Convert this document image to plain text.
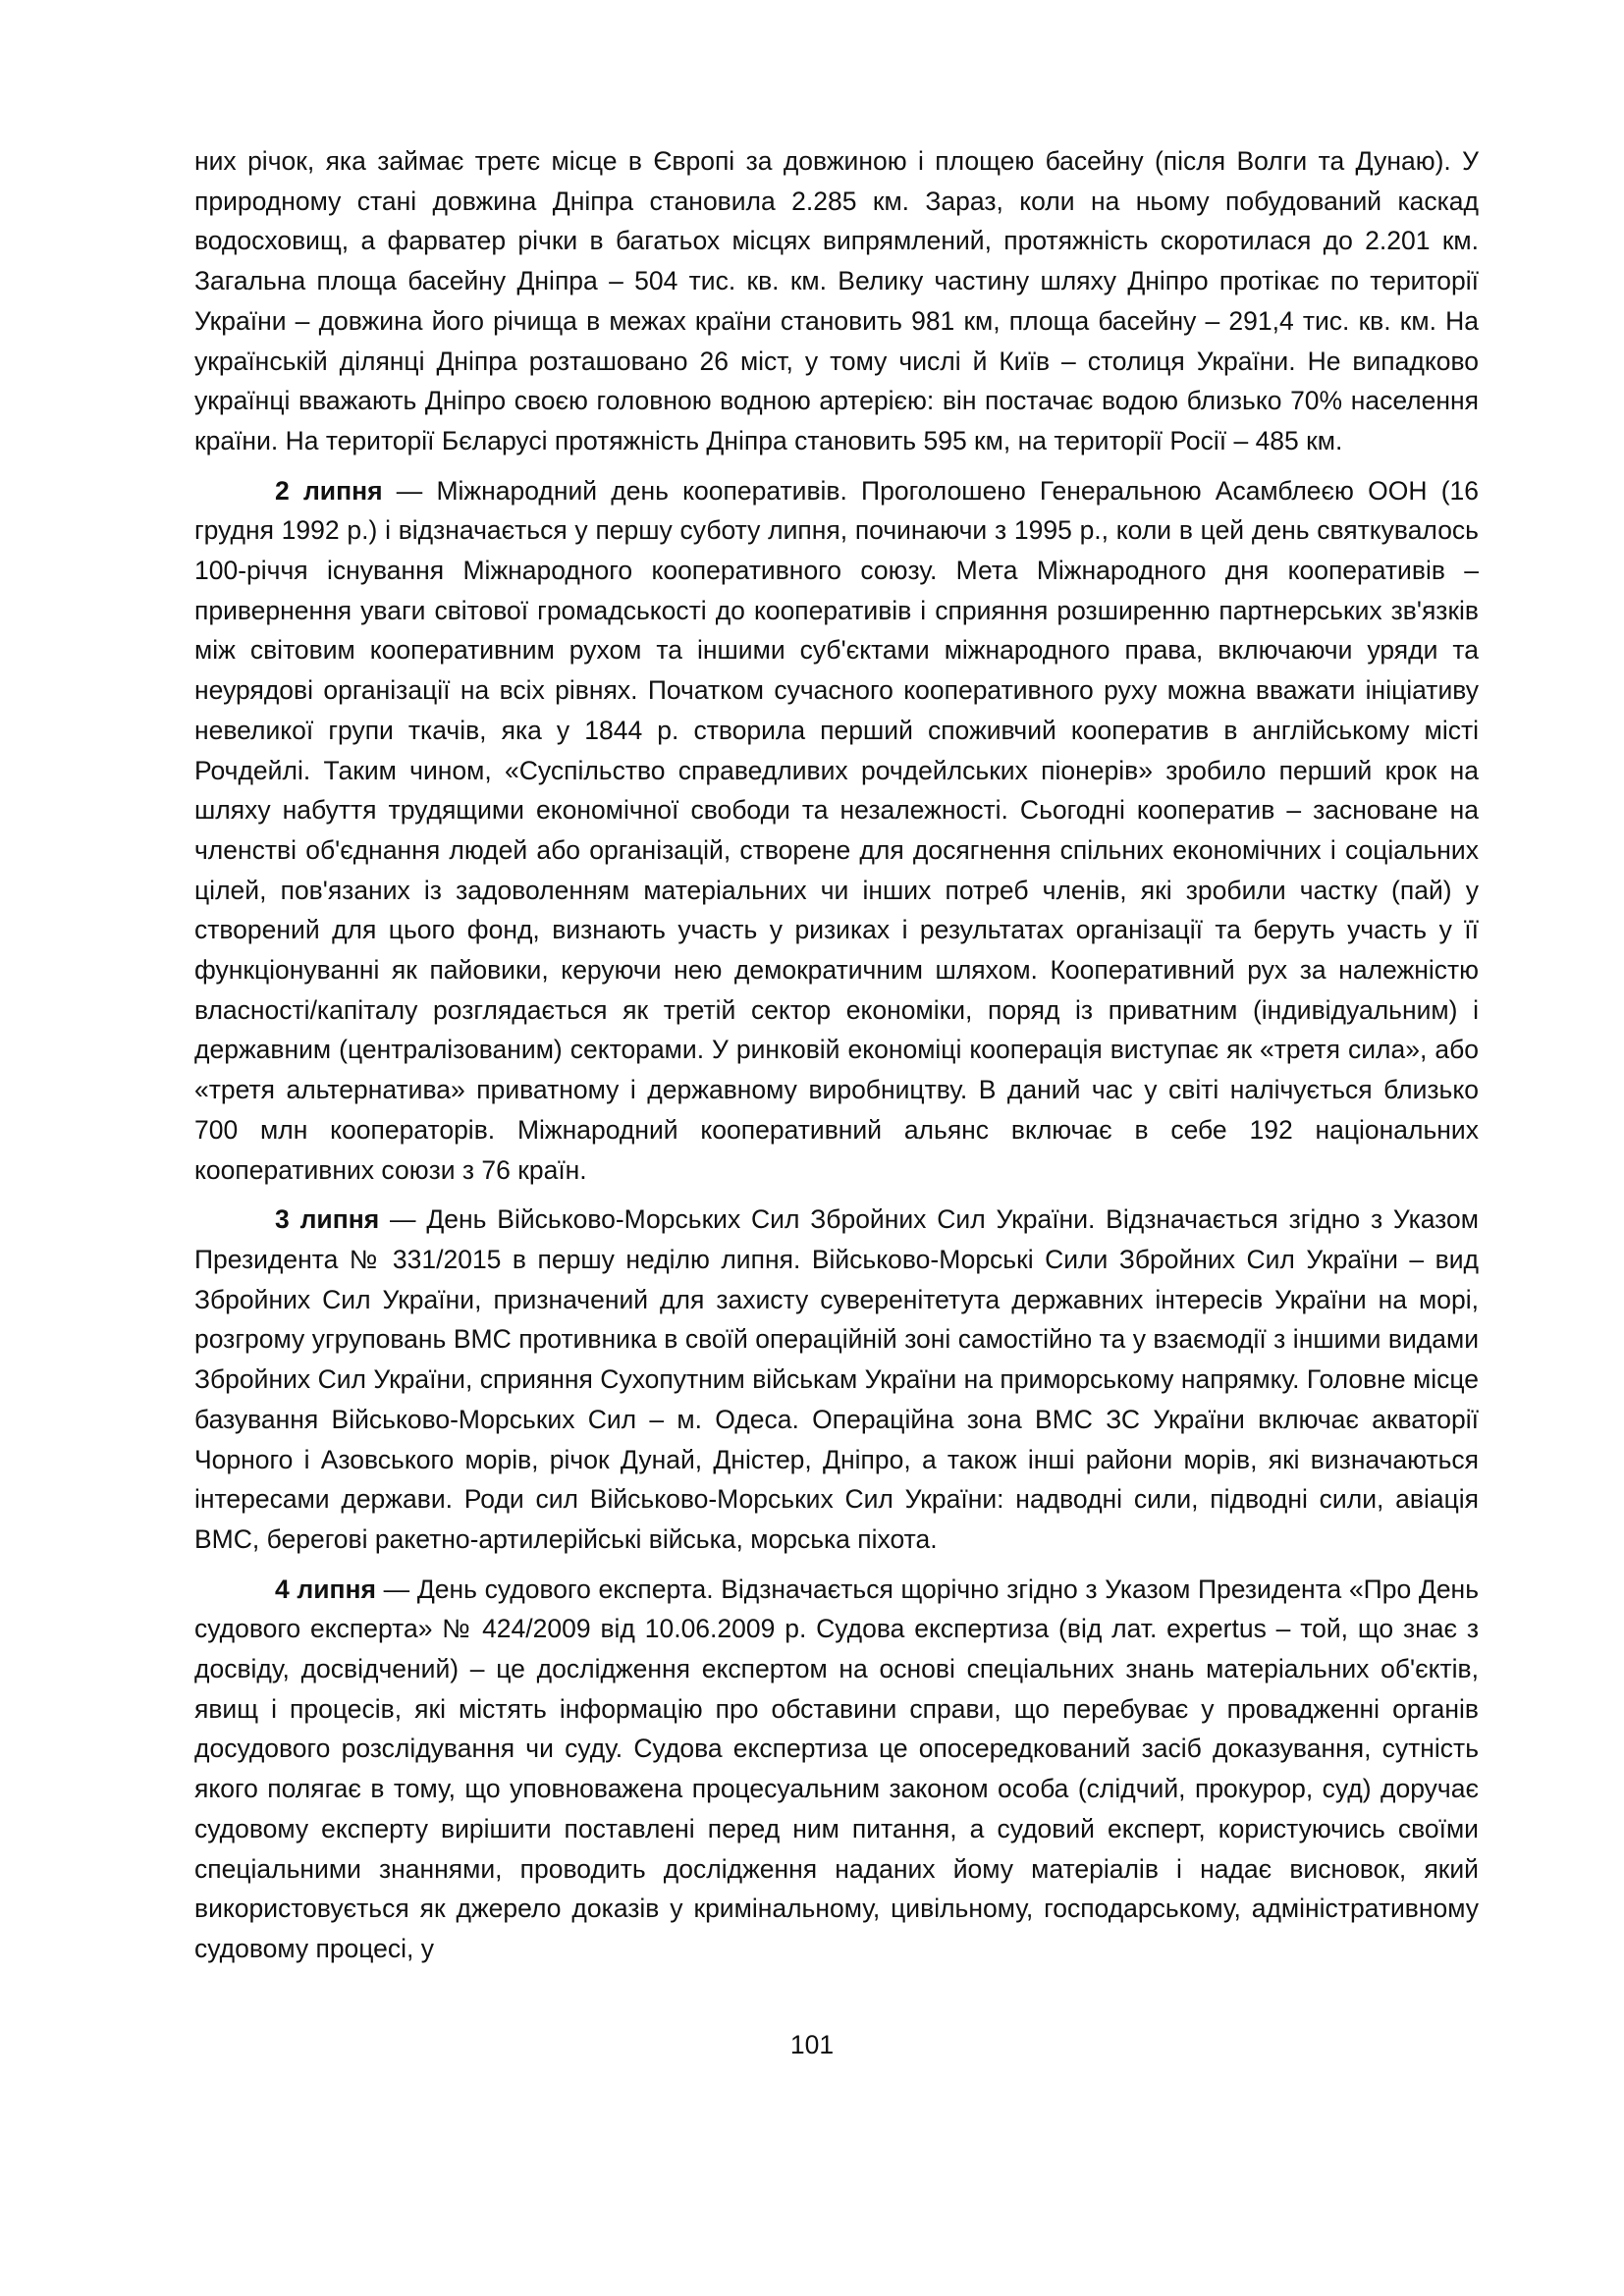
них річок, яка займає третє місце в Європі за довжиною і площею басейну (після Волги та Дунаю). У природному стані довжина Дніпра становила 2.285 км. Зараз, коли на ньому побудований каскад водосховищ, а фарватер річки в багатьох місцях випрямлений, протяжність скоротилася до 2.201 км. Загальна площа басейну Дніпра – 504 тис. кв. км. Велику частину шляху Дніпро протікає по території України – довжина його річища в межах країни становить 981 км, площа басейну – 291,4 тис. кв. км. На українській ділянці Дніпра розташовано 26 міст, у тому числі й Київ – столиця України. Не випадково українці вважають Дніпро своєю головною водною артерією: він постачає водою близько 70% населення країни. На території Бєларусі протяжність Дніпра становить 595 км, на території Росії – 485 км.

2 липня — Міжнародний день кооперативів. Проголошено Генеральною Асамблеєю ООН (16 грудня 1992 р.) і відзначається у першу суботу липня, починаючи з 1995 р., коли в цей день святкувалось 100-річчя існування Міжнародного кооперативного союзу. Мета Міжнародного дня кооперативів – привернення уваги світової громадськості до кооперативів і сприяння розширенню партнерських зв'язків між світовим кооперативним рухом та іншими суб'єктами міжнародного права, включаючи уряди та неурядові організації на всіх рівнях. Початком сучасного кооперативного руху можна вважати ініціативу невеликої групи ткачів, яка у 1844 р. створила перший споживчий кооператив в англійському місті Рочдейлі. Таким чином, «Суспільство справедливих рочдейлських піонерів» зробило перший крок на шляху набуття трудящими економічної свободи та незалежності. Сьогодні кооператив – засноване на членстві об'єднання людей або організацій, створене для досягнення спільних економічних і соціальних цілей, пов'язаних із задоволенням матеріальних чи інших потреб членів, які зробили частку (пай) у створений для цього фонд, визнають участь у ризиках і результатах організації та беруть участь у її функціонуванні як пайовики, керуючи нею демократичним шляхом. Кооперативний рух за належністю власності/капіталу розглядається як третій сектор економіки, поряд із приватним (індивідуальним) і державним (централізованим) секторами. У ринковій економіці кооперація виступає як «третя сила», або «третя альтернатива» приватному і державному виробництву. В даний час у світі налічується близько 700 млн кооператорів. Міжнародний кооперативний альянс включає в себе 192 національних кооперативних союзи з 76 країн.

3 липня — День Військово-Морських Сил Збройних Сил України. Відзначається згідно з Указом Президента № 331/2015 в першу неділю липня. Військово-Морські Сили Збройних Сил України – вид Збройних Сил України, призначений для захисту суверенітетута державних інтересів України на морі, розгрому угруповань ВМС противника в своїй операційній зоні самостійно та у взаємодії з іншими видами Збройних Сил України, сприяння Сухопутним військам України на приморському напрямку. Головне місце базування Військово-Морських Сил – м. Одеса. Операційна зона ВМС ЗС України включає акваторії Чорного і Азовського морів, річок Дунай, Дністер, Дніпро, а також інші райони морів, які визначаються інтересами держави. Роди сил Військово-Морських Сил України: надводні сили, підводні сили, авіація ВМС, берегові ракетно-артилерійські війська, морська піхота.

4 липня — День судового експерта. Відзначається щорічно згідно з Указом Президента «Про День судового експерта» № 424/2009 від 10.06.2009 р. Судова експертиза (від лат. expertus – той, що знає з досвіду, досвідчений) – це дослідження експертом на основі спеціальних знань матеріальних об'єктів, явищ і процесів, які містять інформацію про обставини справи, що перебуває у провадженні органів досудового розслідування чи суду. Судова експертиза це опосередкований засіб доказування, сутність якого полягає в тому, що уповноважена процесуальним законом особа (слідчий, прокурор, суд) доручає судовому експерту вирішити поставлені перед ним питання, а судовий експерт, користуючись своїми спеціальними знаннями, проводить дослідження наданих йому матеріалів і надає висновок, який використовується як джерело доказів у кримінальному, цивільному, господарському, адміністративному судовому процесі, у

101
